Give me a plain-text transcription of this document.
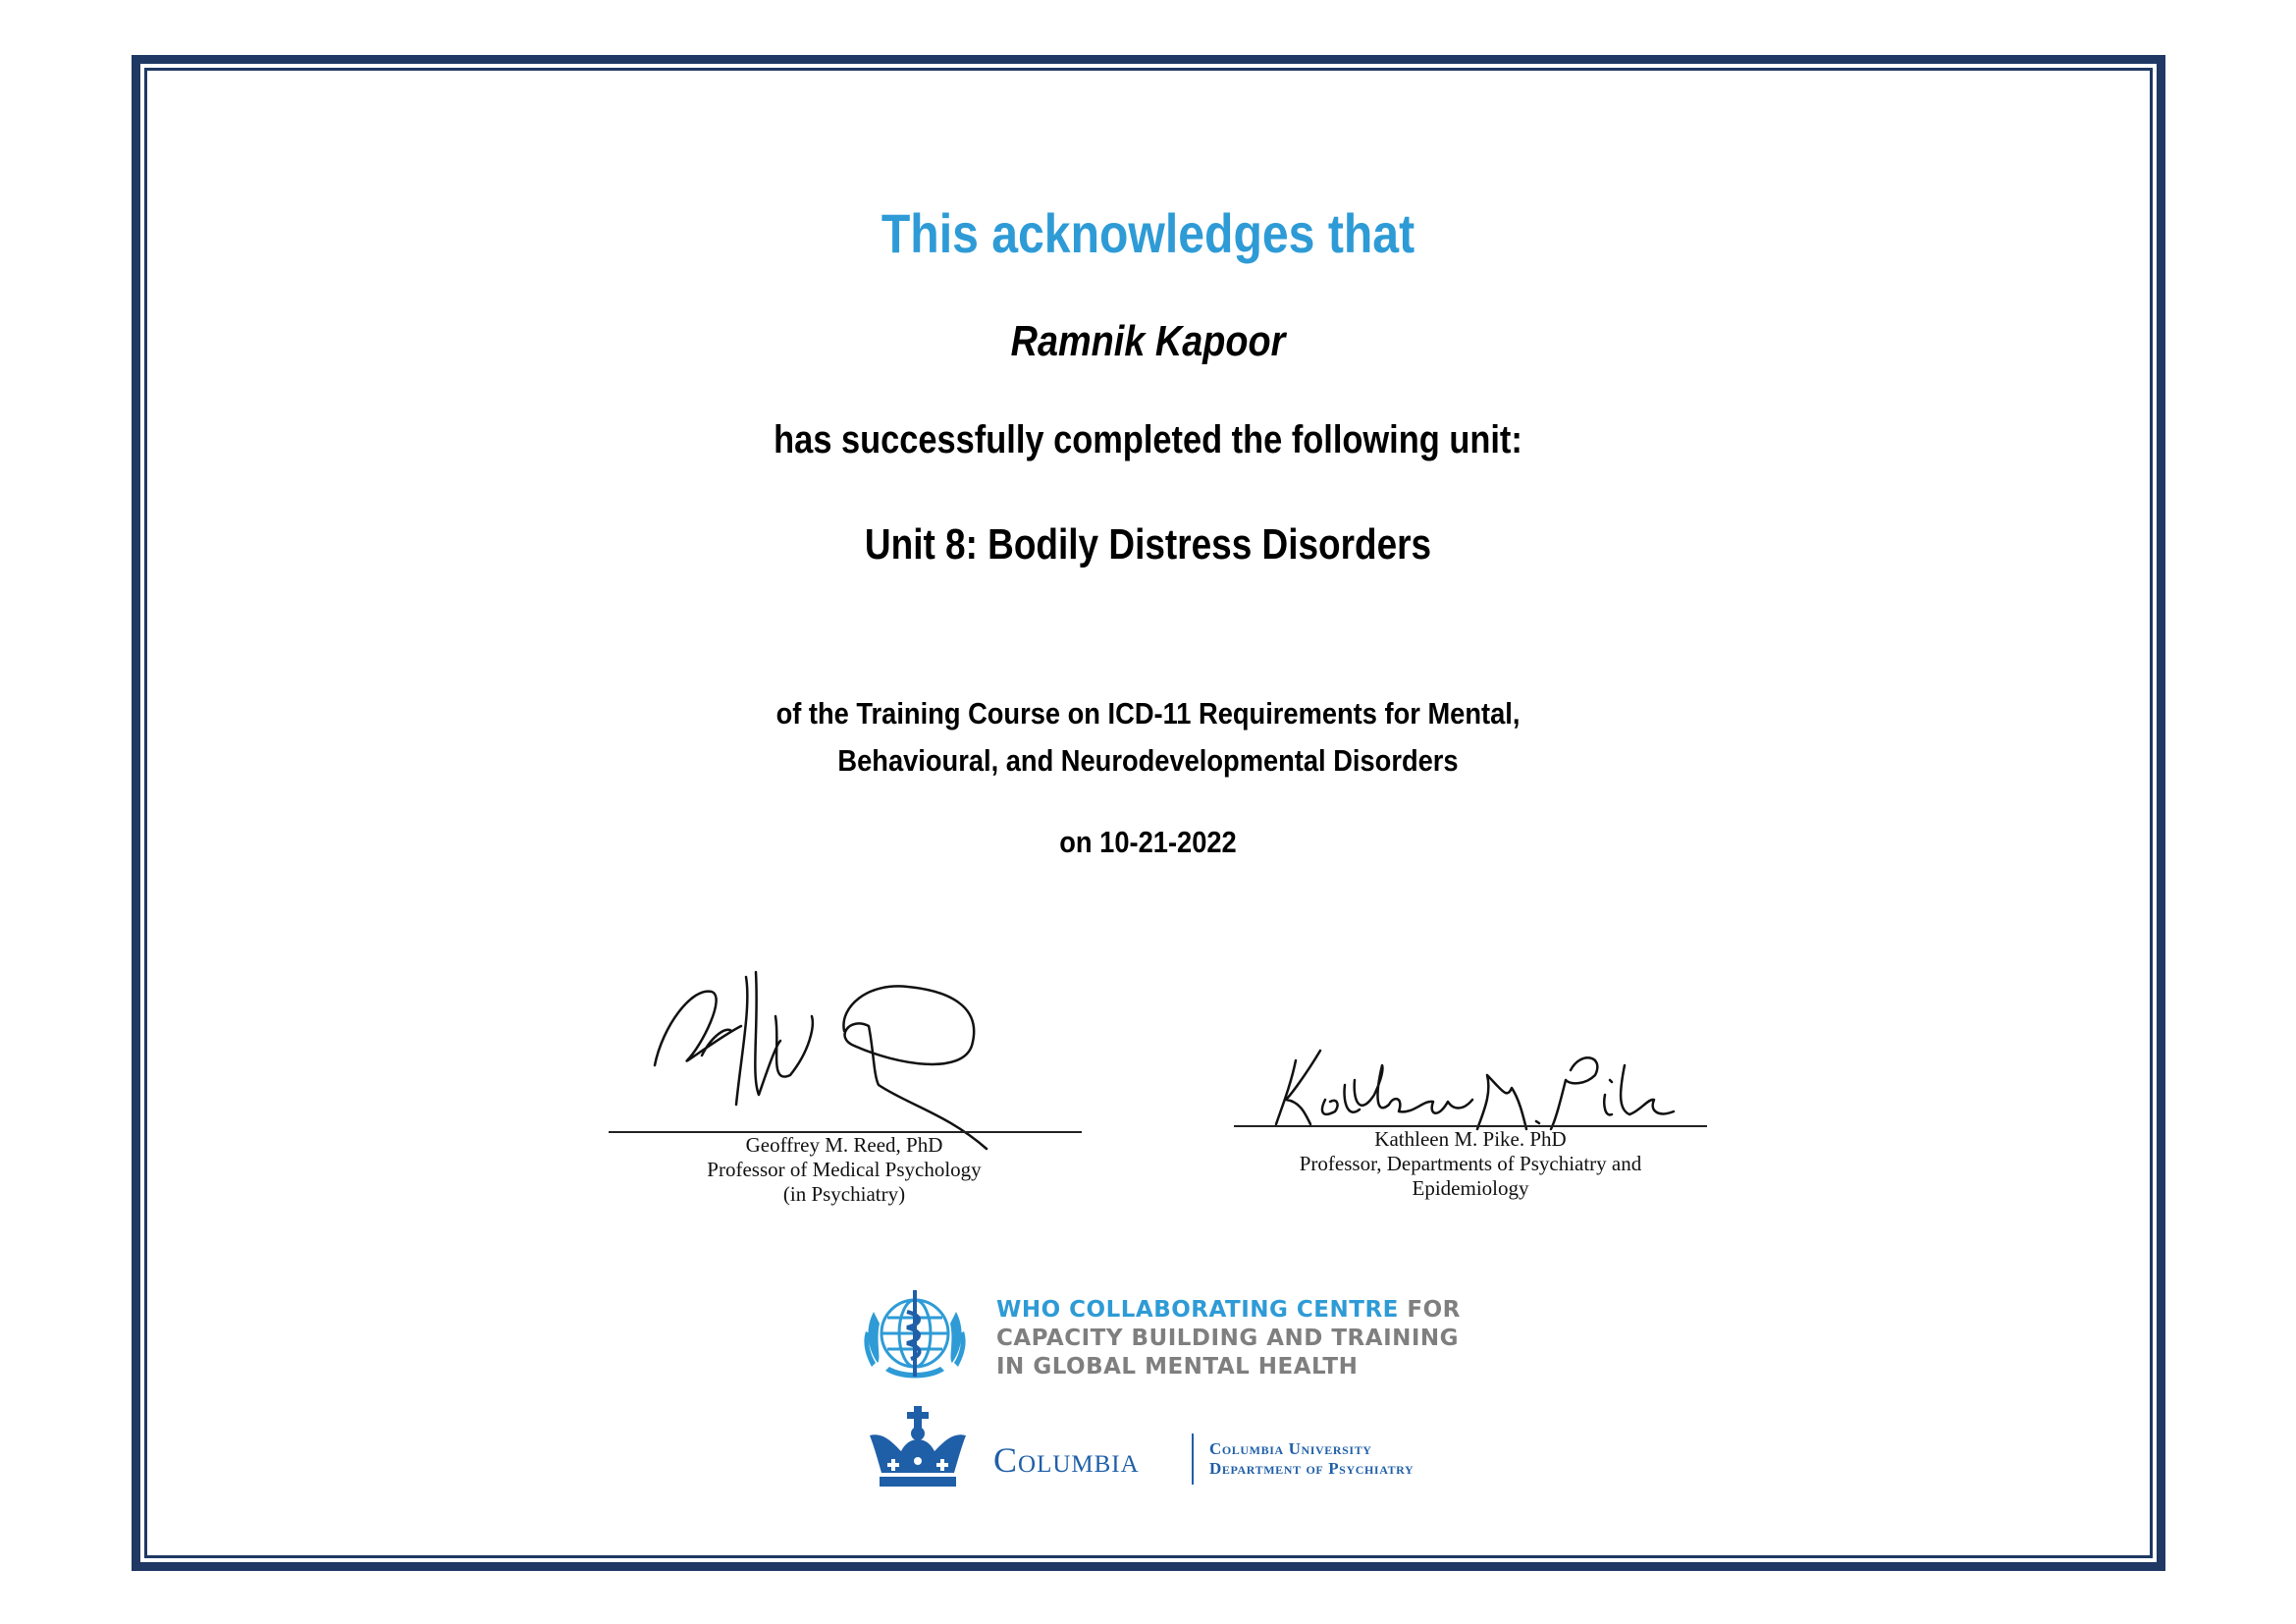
This acknowledges that
Ramnik Kapoor
has successfully completed the following unit:
Unit 8: Bodily Distress Disorders
of the Training Course on ICD-11 Requirements for Mental,
Behavioural, and Neurodevelopmental Disorders
on 10-21-2022
Geoffrey M. Reed, PhD
Professor of Medical Psychology
(in Psychiatry)
Kathleen M. Pike. PhD
Professor, Departments of Psychiatry and
Epidemiology
WHO COLLABORATING CENTRE FOR
CAPACITY BUILDING AND TRAINING
IN GLOBAL MENTAL HEALTH
Columbia	Columbia University
Department of Psychiatry
